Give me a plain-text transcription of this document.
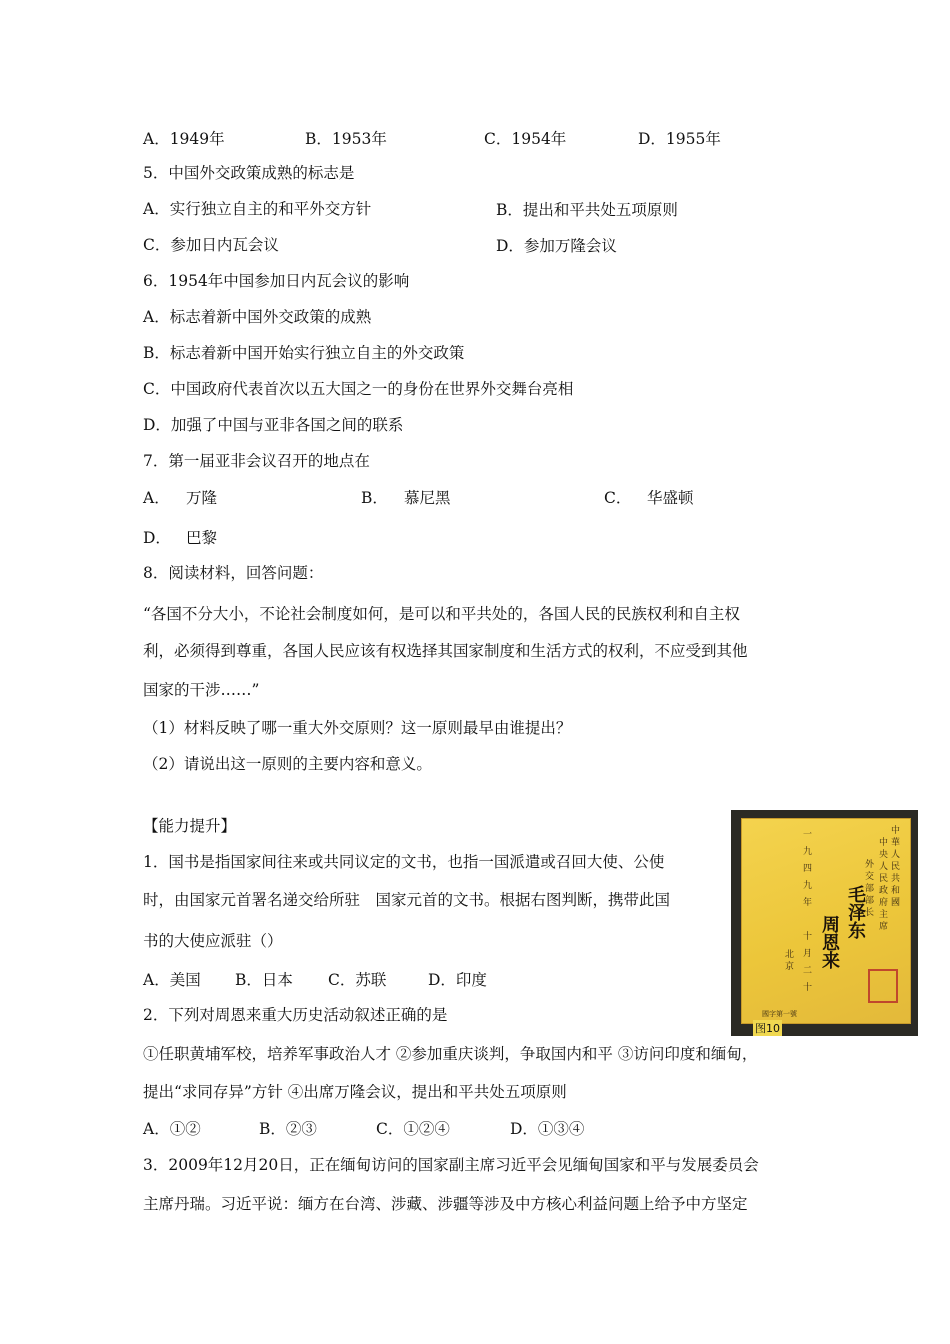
A．1949年	B．1953年	C．1954年	D．1955年
5．中国外交政策成熟的标志是
A．实行独立自主的和平外交方针	B．提出和平共处五项原则
C．参加日内瓦会议	D．参加万隆会议
6．1954年中国参加日内瓦会议的影响
A．标志着新中国外交政策的成熟
B．标志着新中国开始实行独立自主的外交政策
C．中国政府代表首次以五大国之一的身份在世界外交舞台亮相
D．加强了中国与亚非各国之间的联系
7．第一届亚非会议召开的地点在
A． 万隆	B． 慕尼黑	C． 华盛顿
D． 巴黎
8．阅读材料，回答问题：
“各国不分大小，不论社会制度如何，是可以和平共处的，各国人民的民族权利和自主权
利，必须得到尊重，各国人民应该有权选择其国家制度和生活方式的权利，不应受到其他
国家的干涉……”
（1）材料反映了哪一重大外交原则？这一原则最早由谁提出？
（2）请说出这一原则的主要内容和意义。
【能力提升】
1．国书是指国家间往来或共同议定的文书，也指一国派遣或召回大使、公使
时，由国家元首署名递交给所驻　国家元首的文书。根据右图判断，携带此国
书的大使应派驻（）
A．美国 B．日本 C．苏联	D．印度
中華人民共和國
中央人民政府主席
外交部部长
一九四九年　十月二十
北京
毛泽东
周恩来
國字第一號
图10
2．下列对周恩来重大历史活动叙述正确的是
①任职黄埔军校，培养军事政治人才 ②参加重庆谈判，争取国内和平 ③访问印度和缅甸，
提出“求同存异”方针 ④出席万隆会议，提出和平共处五项原则
A．①②	B．②③	C．①②④	D．①③④
3．2009年12月20日，正在缅甸访问的国家副主席习近平会见缅甸国家和平与发展委员会
主席丹瑞。习近平说：缅方在台湾、涉藏、涉疆等涉及中方核心利益问题上给予中方坚定
